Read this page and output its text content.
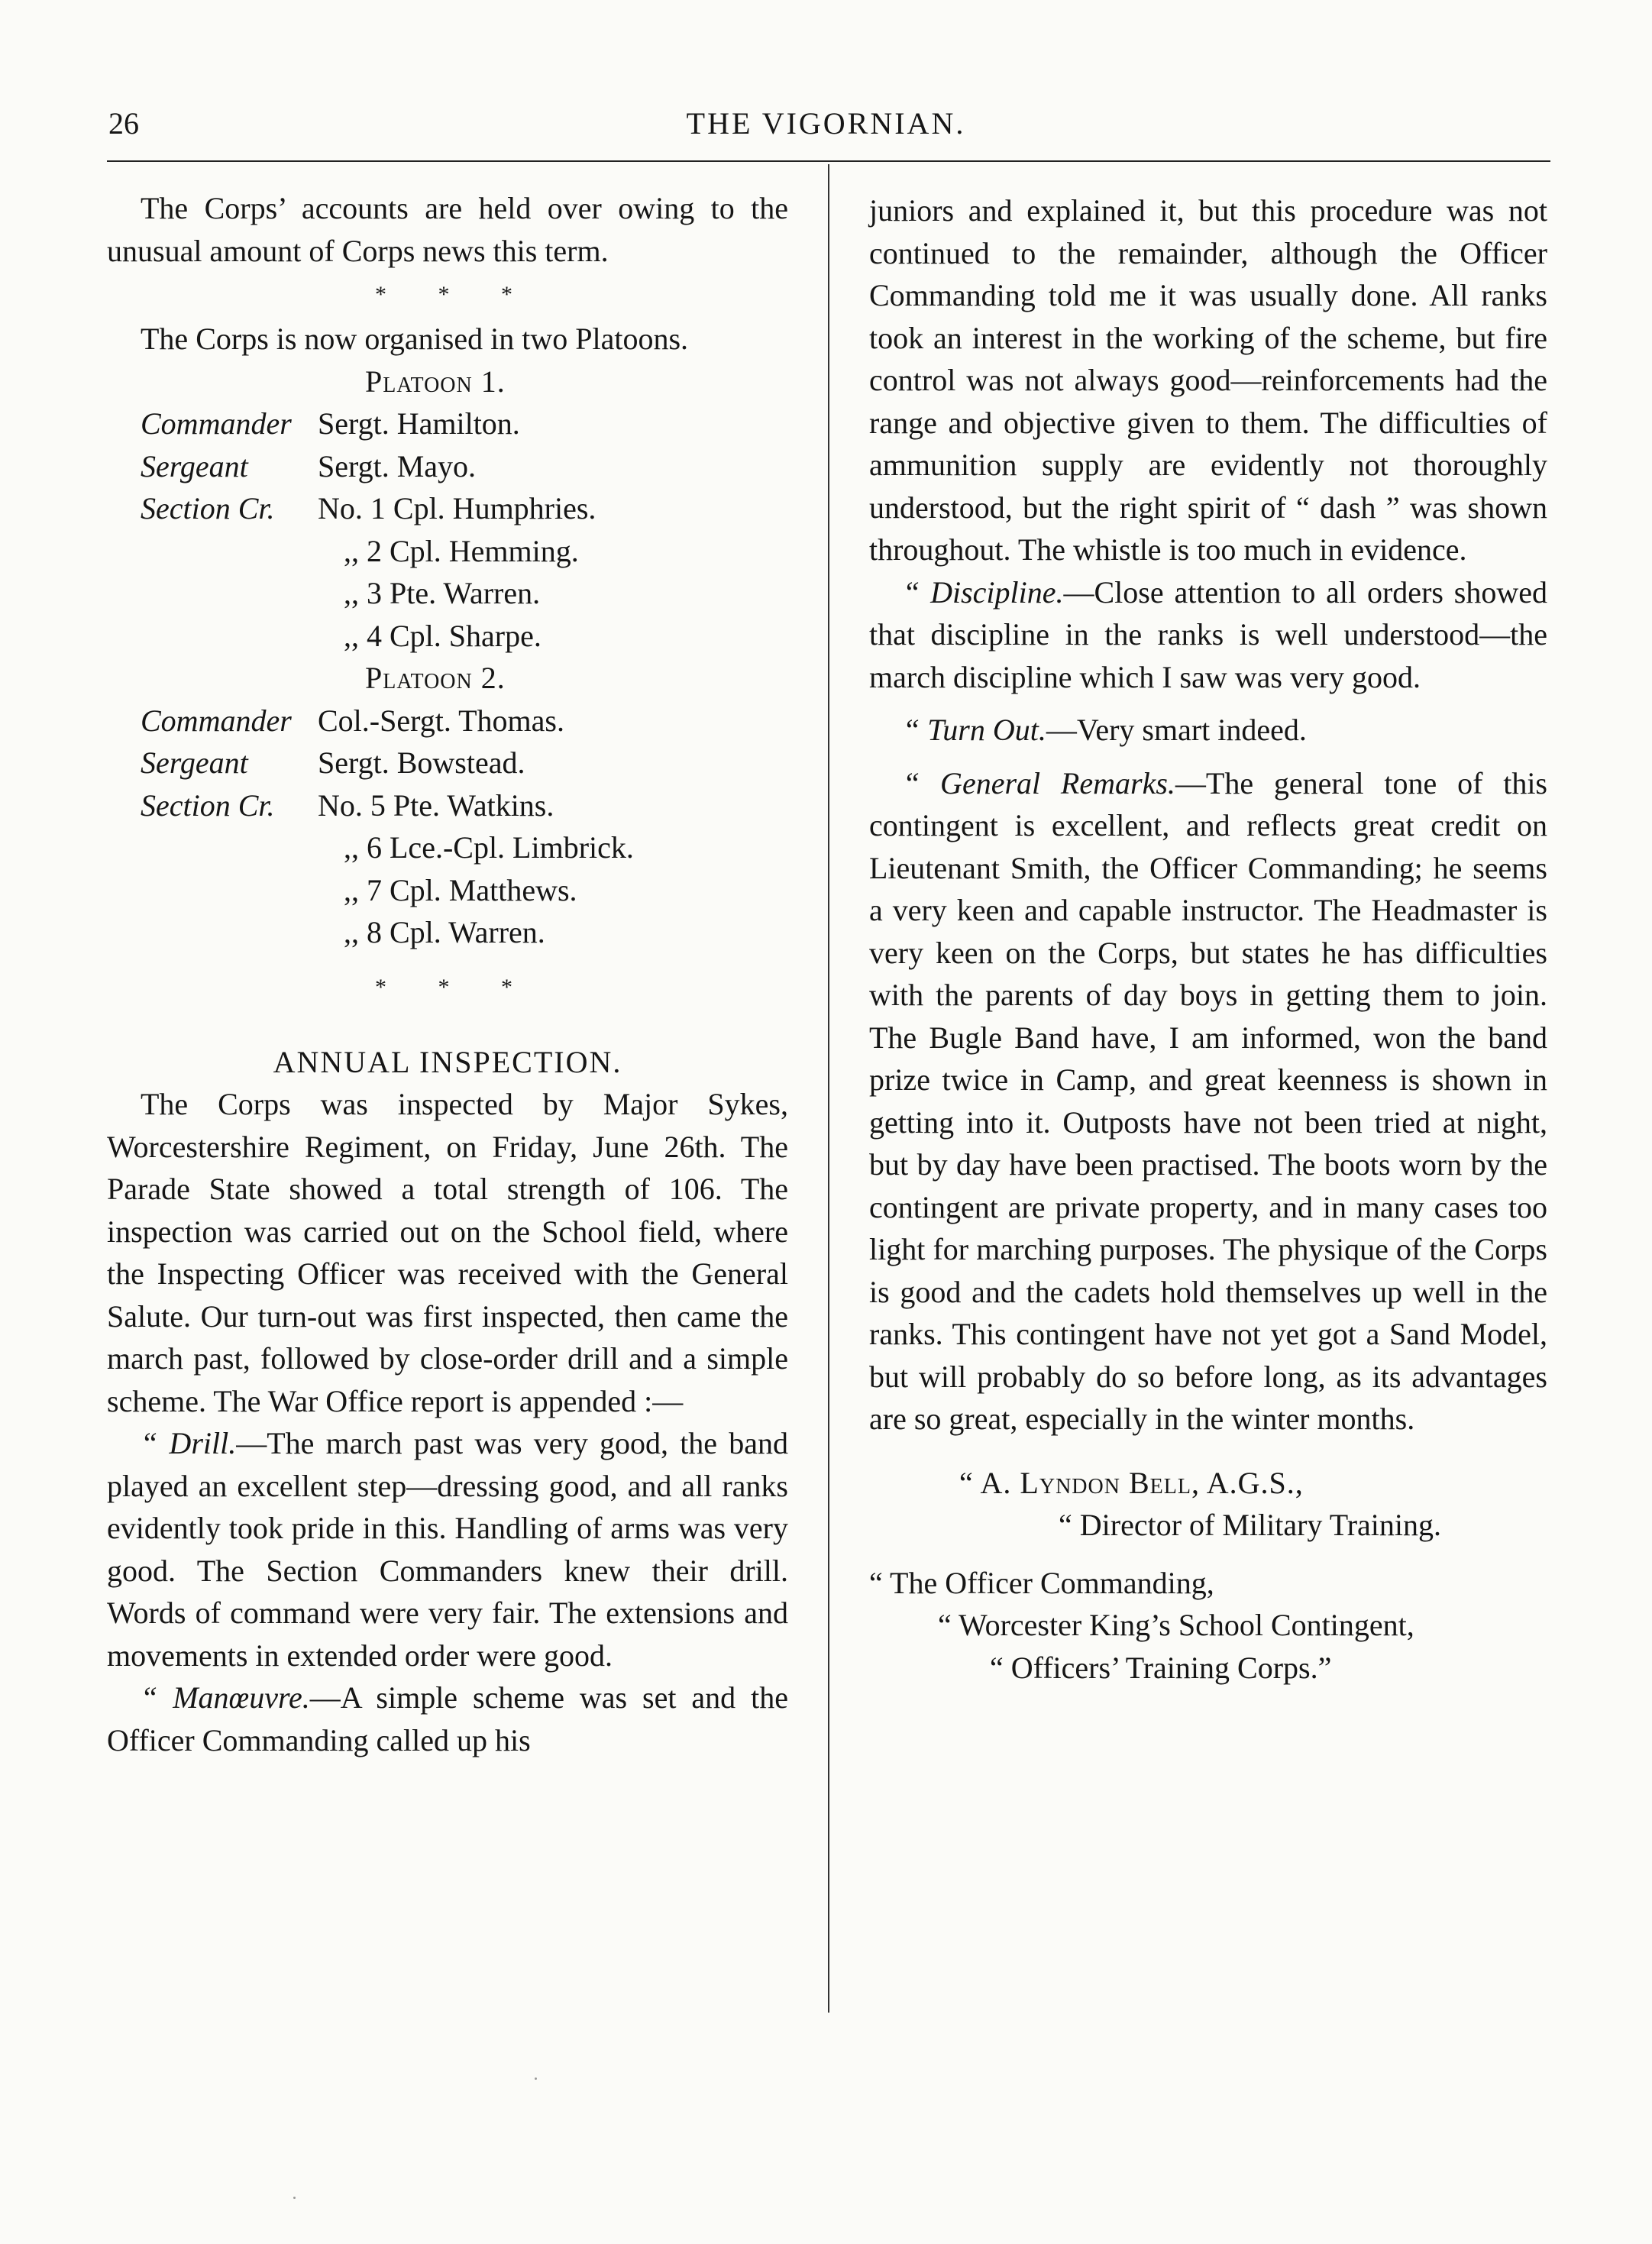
26	THE VIGORNIAN.

The Corps’ accounts are held over owing to the unusual amount of Corps news this term.

* * *

The Corps is now organised in two Platoons.

Platoon 1.
Commander Sergt. Hamilton.
Sergeant	Sergt. Mayo.
Section Cr.	No. 1 Cpl. Humphries.
,, 2 Cpl. Hemming.
,, 3 Pte. Warren.
,, 4 Cpl. Sharpe.
Platoon 2.
Commander Col.-Sergt. Thomas.
Sergeant	Sergt. Bowstead.
Section Cr.	No. 5 Pte. Watkins.
,, 6 Lce.-Cpl. Limbrick.
,, 7 Cpl. Matthews.
,, 8 Cpl. Warren.
* * *
ANNUAL INSPECTION.

The Corps was inspected by Major Sykes, Worcestershire Regiment, on Friday, June 26th. The Parade State showed a total strength of 106. The inspection was carried out on the School field, where the Inspecting Officer was received with the General Salute. Our turn-out was first inspected, then came the march past, followed by close-order drill and a simple scheme. The War Office report is appended :—

“ Drill.—The march past was very good, the band played an excellent step—dressing good, and all ranks evidently took pride in this. Handling of arms was very good. The Section Commanders knew their drill. Words of command were very fair. The extensions and movements in extended order were good.

“ Manœuvre.—A simple scheme was set and the Officer Commanding called up his

juniors and explained it, but this procedure was not continued to the remainder, although the Officer Commanding told me it was usually done. All ranks took an interest in the working of the scheme, but fire control was not always good—reinforcements had the range and objective given to them. The difficulties of ammunition supply are evidently not thoroughly understood, but the right spirit of “ dash ” was shown throughout. The whistle is too much in evidence.

“ Discipline.—Close attention to all orders showed that discipline in the ranks is well understood—the march discipline which I saw was very good.

“ Turn Out.—Very smart indeed.

“ General Remarks.—The general tone of this contingent is excellent, and reflects great credit on Lieutenant Smith, the Officer Commanding; he seems a very keen and capable instructor. The Headmaster is very keen on the Corps, but states he has difficulties with the parents of day boys in getting them to join. The Bugle Band have, I am informed, won the band prize twice in Camp, and great keenness is shown in getting into it. Outposts have not been tried at night, but by day have been practised. The boots worn by the contingent are private property, and in many cases too light for marching purposes. The physique of the Corps is good and the cadets hold themselves up well in the ranks. This contingent have not yet got a Sand Model, but will probably do so before long, as its advantages are so great, especially in the winter months.

“ A. Lyndon Bell, A.G.S.,
“ Director of Military Training.
“ The Officer Commanding,
“ Worcester King’s School Contingent,
“ Officers’ Training Corps.”
